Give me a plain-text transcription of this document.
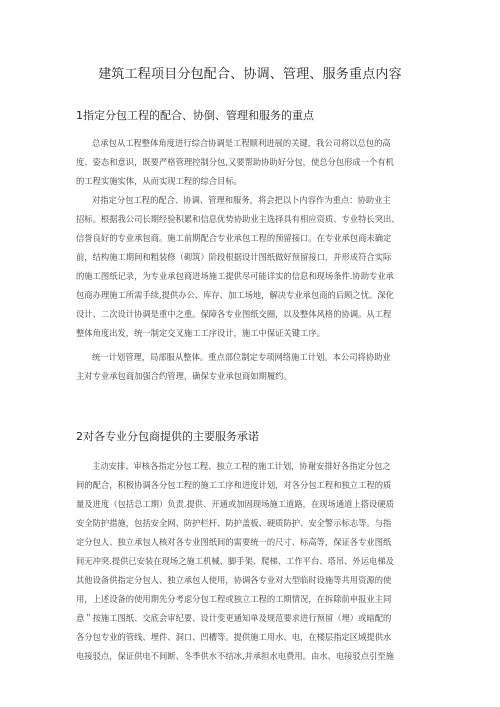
建筑工程项目分包配合、协调、管理、服务重点内容
1指定分包工程的配合、协倒、管理和服务的重点
总承包从工程整体角度进行综合协调是工程顺利进展的关键，我公司将以总包的高
度、姿态和意识，既要严格管理控制分包,又要帮助协助好分包，使总分包形成一个有机
的工程实施实体，从而实现工程的综合目标。
对指定分包工程的配合、协调、管理和服务，将会把以卜内容作为重点：协助业主
招标。根据我公司长期经验积累和信息优势协助业主选择具有相应资质、专业特长突出、
信誉良好的专业承包商。施工前期配合专业承包工程的预留接口。在专业承包商未确定
前，结构施工期间和粗装修（砌筑）阶段根据设计图纸做好预留接口，并形成符合实际
的施工图纸记录，为专业承包商进场施工提供尽可能详实的信息和现场条件.协助专业承
包商办理施工所需手续,提供办公、库存、加工场地，解决专业承包商的后顾之忧。深化
设计、二次设计协调是重中之重。保障各专业图纸交圈，以及整体风格的协调。从工程
整体角度出发，统一制定交叉施工工序设计，施工中保证关键工序。
统一计划管理，局部服从整体。重点部位制定专项网络施工计划。本公司将协助业
主对专业承包商加强合约管理，确保专业承包商如期履约。
2对各专业分包商提供的主要服务承诺
主动安排、审核各指定分包工程、独立工程的施工计划，协谢安排好各指定分包之
间的配合，积极协调各分包工程的施工工序和进度计划，对各分包工程和独立工程的质
量及进度（包括总工期）负责.提供、开通或加固现场施工道路，在现场通道上搭设硬质
安全防护措施，包括安全网、防护栏杆、防护盖板、硬质防护、安全警示标志等。与指
定分包人、独立承包人核对各专业图纸间的需要统一的尺寸、标高等，保证各专业图纸
间无冲突.提供已安装在现场之施工机械、脚手架、爬梯、工作平台、塔吊、外运电梯及
其他设备供指定分包人、独立承包人使用，协调各专业对大型临时设施等共用资源的使
用，上述设备的使用期先分考虑分包工程或独立工程的工期情况，在拆除前申报业主同
意＂按施工图纸、交底会审纪要、设计变更通知单及规范要求进行预留（埋）或暗配的
各分包专业的管线、埋件、洞口、凹槽等。提供施工用水、电，在楼层指定区域提供水
电接驳点，保证供电不间断、冬季供水不结冰,并承担水电费用。由水、电接驳点引至施
